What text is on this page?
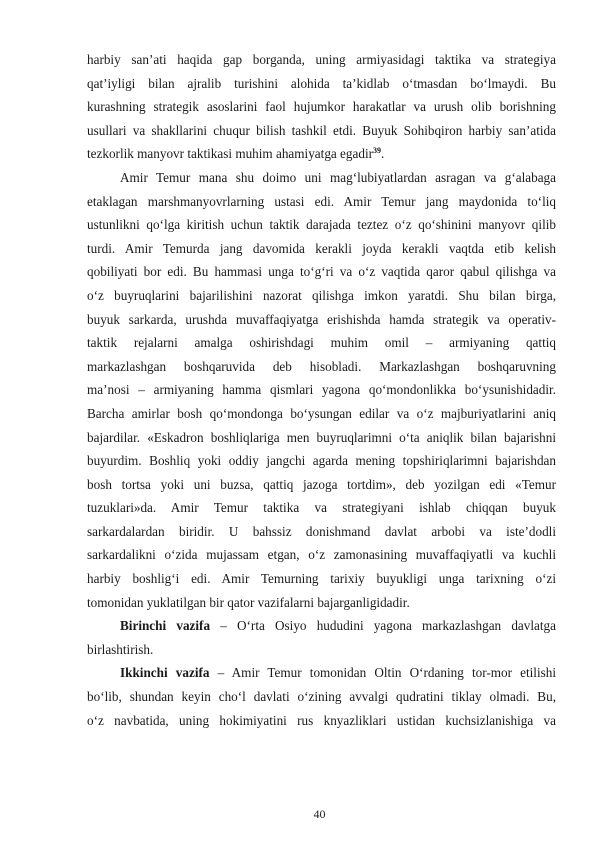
harbiy san’ati haqida gap borganda, uning armiyasidagi taktika va strategiya
qat’iyligi bilan ajralib turishini alohida ta’kidlab o‘tmasdan bo‘lmaydi. Bu
kurashning strategik asoslarini faol hujumkor harakatlar va urush olib borishning
usullari va shakllarini chuqur bilish tashkil etdi. Buyuk Sohibqiron harbiy san’atida
tezkorlik manyovr taktikasi muhim ahamiyatga egadir$^{39}$.
Amir Temur mana shu doimo uni mag‘lubiyatlardan asragan va g‘alabaga
etaklagan marshmanyovrlarning ustasi edi. Amir Temur jang maydonida to‘liq
ustunlikni qo‘lga kiritish uchun taktik darajada teztez o‘z qo‘shinini manyovr qilib
turdi. Amir Temurda jang davomida kerakli joyda kerakli vaqtda etib kelish
qobiliyati bor edi. Bu hammasi unga to‘g‘ri va o‘z vaqtida qaror qabul qilishga va
o‘z buyruqlarini bajarilishini nazorat qilishga imkon yaratdi. Shu bilan birga,
buyuk sarkarda, urushda muvaffaqiyatga erishishda hamda strategik va operativ-
taktik rejalarni amalga oshirishdagi muhim omil – armiyaning qattiq
markazlashgan boshqaruvida deb hisobladi. Markazlashgan boshqaruvning
ma’nosi – armiyaning hamma qismlari yagona qo‘mondonlikka bo‘ysunishidadir.
Barcha amirlar bosh qo‘mondonga bo‘ysungan edilar va o‘z majburiyatlarini aniq
bajardilar. «Eskadron boshliqlariga men buyruqlarimni o‘ta aniqlik bilan bajarishni
buyurdim. Boshliq yoki oddiy jangchi agarda mening topshiriqlarimni bajarishdan
bosh tortsa yoki uni buzsa, qattiq jazoga tortdim», deb yozilgan edi «Temur
tuzuklari»da. Amir Temur taktika va strategiyani ishlab chiqqan buyuk
sarkardalardan biridir. U bahssiz donishmand davlat arbobi va iste’dodli
sarkardalikni o‘zida mujassam etgan, o‘z zamonasining muvaffaqiyatli va kuchli
harbiy boshlig‘i edi. Amir Temurning tarixiy buyukligi unga tarixning o‘zi
tomonidan yuklatilgan bir qator vazifalarni bajarganligidadir.
Birinchi vazifa – O‘rta Osiyo hududini yagona markazlashgan davlatga
birlashtirish.
Ikkinchi vazifa – Amir Temur tomonidan Oltin O‘rdaning tor-mor etilishi
bo‘lib, shundan keyin cho‘l davlati o‘zining avvalgi qudratini tiklay olmadi. Bu,
o‘z navbatida, uning hokimiyatini rus knyazliklari ustidan kuchsizlanishiga va
40
